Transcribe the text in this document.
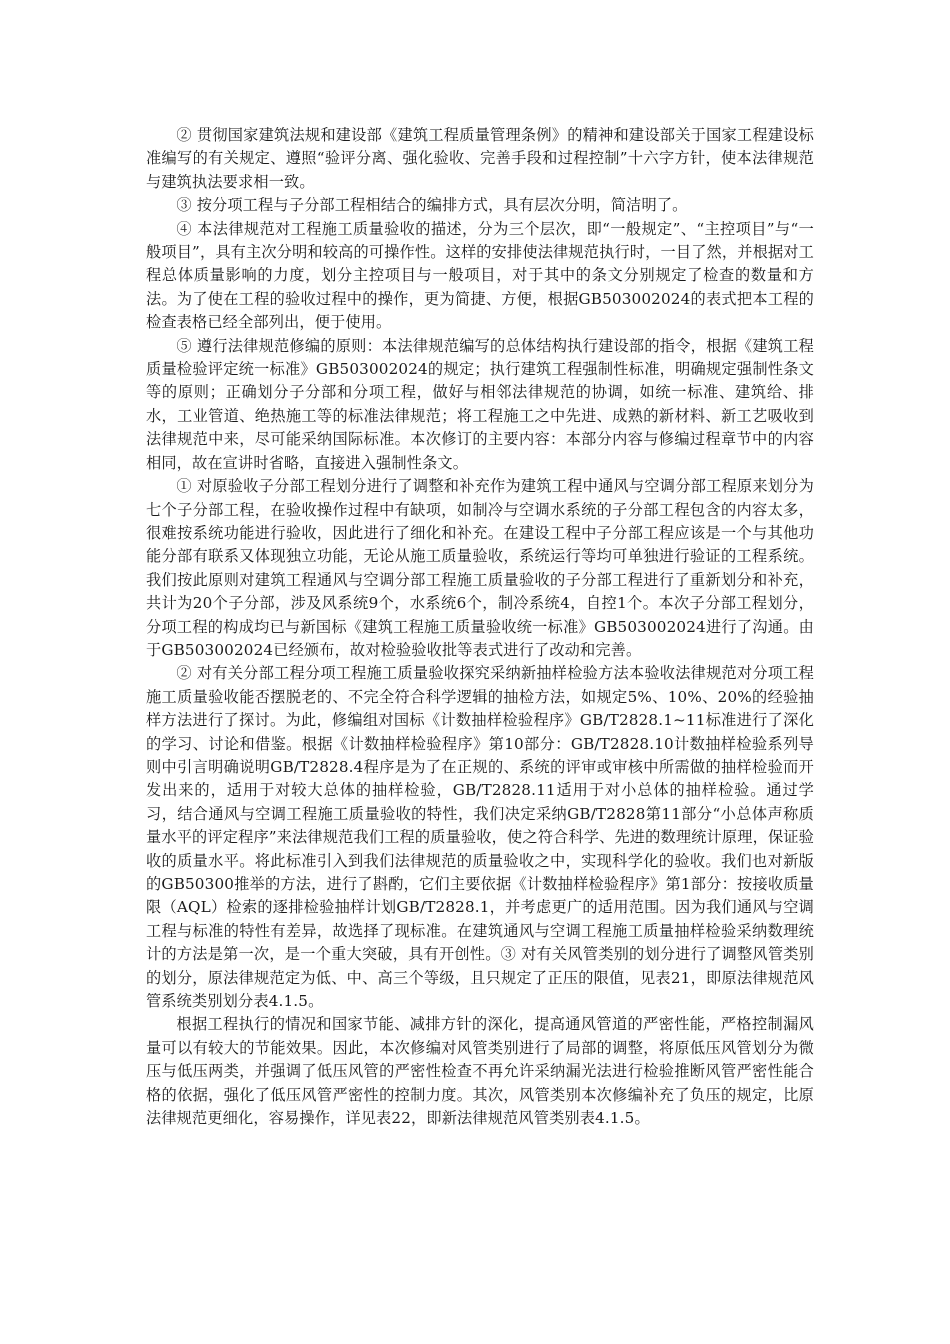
② 贯彻国家建筑法规和建设部《建筑工程质量管理条例》的精神和建设部关于国家工程建设标准编写的有关规定、遵照“验评分离、强化验收、完善手段和过程控制”十六字方针，使本法律规范与建筑执法要求相一致。

③ 按分项工程与子分部工程相结合的编排方式，具有层次分明，简洁明了。

④ 本法律规范对工程施工质量验收的描述，分为三个层次，即“一般规定”、“主控项目”与“一般项目”，具有主次分明和较高的可操作性。这样的安排使法律规范执行时，一目了然，并根据对工程总体质量影响的力度，划分主控项目与一般项目，对于其中的条文分别规定了检查的数量和方法。为了使在工程的验收过程中的操作，更为简捷、方便，根据GB503002024的表式把本工程的检查表格已经全部列出，便于使用。

⑤ 遵行法律规范修编的原则：本法律规范编写的总体结构执行建设部的指令，根据《建筑工程质量检验评定统一标准》GB503002024的规定；执行建筑工程强制性标准，明确规定强制性条文等的原则；正确划分子分部和分项工程，做好与相邻法律规范的协调，如统一标准、建筑给、排水，工业管道、绝热施工等的标准法律规范；将工程施工之中先进、成熟的新材料、新工艺吸收到法律规范中来，尽可能采纳国际标准。本次修订的主要内容：本部分内容与修编过程章节中的内容相同，故在宣讲时省略，直接进入强制性条文。

① 对原验收子分部工程划分进行了调整和补充作为建筑工程中通风与空调分部工程原来划分为七个子分部工程，在验收操作过程中有缺项，如制冷与空调水系统的子分部工程包含的内容太多，很难按系统功能进行验收，因此进行了细化和补充。在建设工程中子分部工程应该是一个与其他功能分部有联系又体现独立功能，无论从施工质量验收，系统运行等均可单独进行验证的工程系统。我们按此原则对建筑工程通风与空调分部工程施工质量验收的子分部工程进行了重新划分和补充，共计为20个子分部，涉及风系统9个，水系统6个，制冷系统4，自控1个。本次子分部工程划分，分项工程的构成均已与新国标《建筑工程施工质量验收统一标准》GB503002024进行了沟通。由于GB503002024已经颁布，故对检验验收批等表式进行了改动和完善。

② 对有关分部工程分项工程施工质量验收探究采纳新抽样检验方法本验收法律规范对分项工程施工质量验收能否摆脱老的、不完全符合科学逻辑的抽检方法，如规定5%、10%、20%的经验抽样方法进行了探讨。为此，修编组对国标《计数抽样检验程序》GB/T2828.1~11标准进行了深化的学习、讨论和借鉴。根据《计数抽样检验程序》第10部分：GB/T2828.10计数抽样检验系列导则中引言明确说明GB/T2828.4程序是为了在正规的、系统的评审或审核中所需做的抽样检验而开发出来的，适用于对较大总体的抽样检验，GB/T2828.11适用于对小总体的抽样检验。通过学习，结合通风与空调工程施工质量验收的特性，我们决定采纳GB/T2828第11部分“小总体声称质量水平的评定程序”来法律规范我们工程的质量验收，使之符合科学、先进的数理统计原理，保证验收的质量水平。将此标准引入到我们法律规范的质量验收之中，实现科学化的验收。我们也对新版的GB50300推举的方法，进行了斟酌，它们主要依据《计数抽样检验程序》第1部分：按接收质量限（AQL）检索的逐排检验抽样计划GB/T2828.1，并考虑更广的适用范围。因为我们通风与空调工程与标准的特性有差异，故选择了现标准。在建筑通风与空调工程施工质量抽样检验采纳数理统计的方法是第一次，是一个重大突破，具有开创性。③ 对有关风管类别的划分进行了调整风管类别的划分，原法律规范定为低、中、高三个等级，且只规定了正压的限值，见表21，即原法律规范风管系统类别划分表4.1.5。

根据工程执行的情况和国家节能、减排方针的深化，提高通风管道的严密性能，严格控制漏风量可以有较大的节能效果。因此，本次修编对风管类别进行了局部的调整，将原低压风管划分为微压与低压两类，并强调了低压风管的严密性检查不再允许采纳漏光法进行检验推断风管严密性能合格的依据，强化了低压风管严密性的控制力度。其次，风管类别本次修编补充了负压的规定，比原法律规范更细化，容易操作，详见表22，即新法律规范风管类别表4.1.5。
